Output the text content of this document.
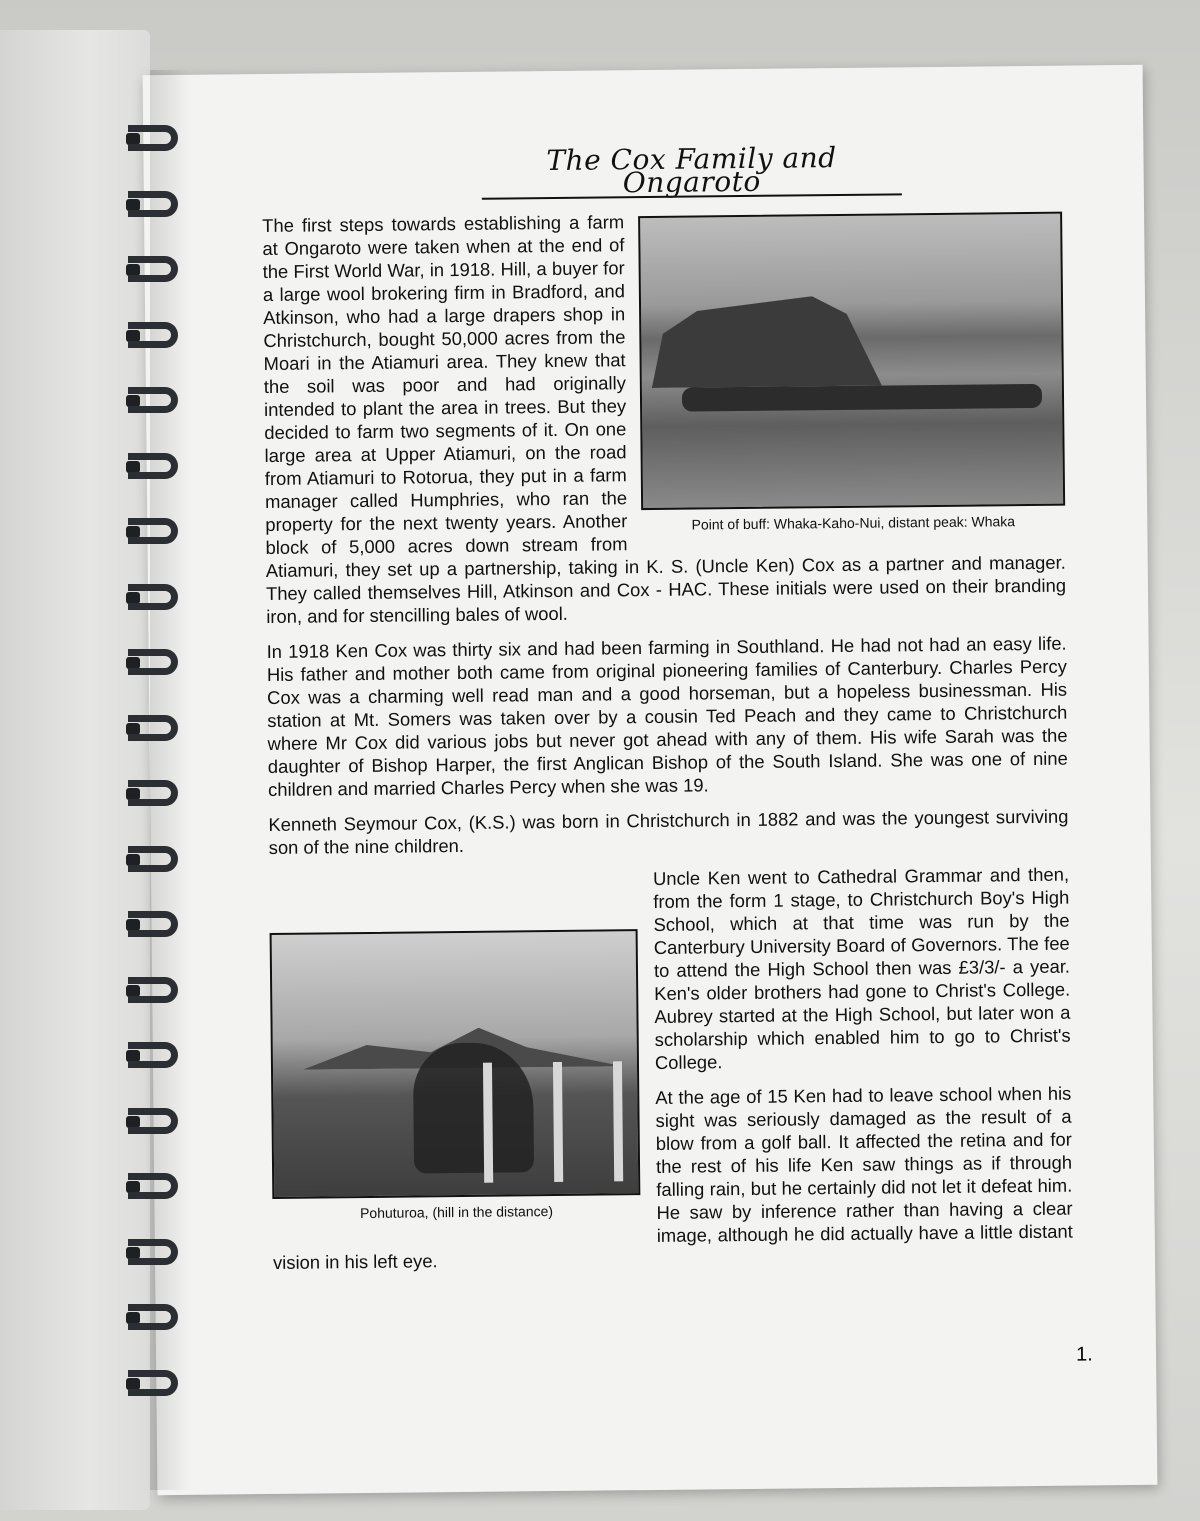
The Cox Family and Ongaroto
Point of buff: Whaka-Kaho-Nui, distant peak: Whaka

The first steps towards establishing a farm at Ongaroto were taken when at the end of the First World War, in 1918. Hill, a buyer for a large wool brokering firm in Bradford, and Atkinson, who had a large drapers shop in Christchurch, bought 50,000 acres from the Moari in the Atiamuri area. They knew that the soil was poor and had originally intended to plant the area in trees. But they decided to farm two segments of it. On one large area at Upper Atiamuri, on the road from Atiamuri to Rotorua, they put in a farm manager called Humphries, who ran the property for the next twenty years. Another block of 5,000 acres down stream from Atiamuri, they set up a partnership, taking in K. S. (Uncle Ken) Cox as a partner and manager. They called themselves Hill, Atkinson and Cox - HAC. These initials were used on their branding iron, and for stencilling bales of wool.

In 1918 Ken Cox was thirty six and had been farming in Southland. He had not had an easy life. His father and mother both came from original pioneering families of Canterbury. Charles Percy Cox was a charming well read man and a good horseman, but a hopeless businessman. His station at Mt. Somers was taken over by a cousin Ted Peach and they came to Christchurch where Mr Cox did various jobs but never got ahead with any of them. His wife Sarah was the daughter of Bishop Harper, the first Anglican Bishop of the South Island. She was one of nine children and married Charles Percy when she was 19.

Kenneth Seymour Cox, (K.S.) was born in Christchurch in 1882 and was the youngest surviving son of the nine children.

Pohuturoa, (hill in the distance)

Uncle Ken went to Cathedral Grammar and then, from the form 1 stage, to Christchurch Boy's High School, which at that time was run by the Canterbury University Board of Governors. The fee to attend the High School then was £3/3/- a year. Ken's older brothers had gone to Christ's College. Aubrey started at the High School, but later won a scholarship which enabled him to go to Christ's College.

At the age of 15 Ken had to leave school when his sight was seriously damaged as the result of a blow from a golf ball. It affected the retina and for the rest of his life Ken saw things as if through falling rain, but he certainly did not let it defeat him. He saw by inference rather than having a clear image, although he did actually have a little distant vision in his left eye.

1.
